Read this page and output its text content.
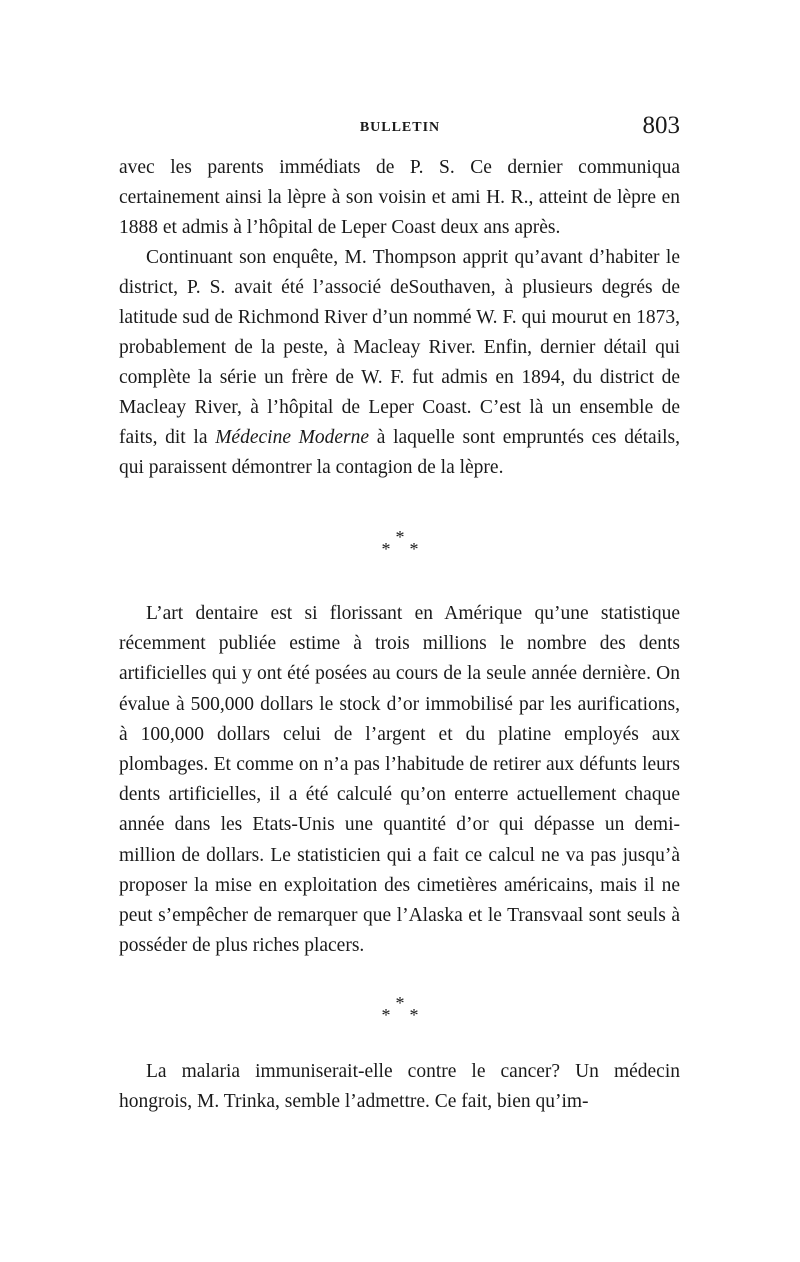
BULLETIN	803

avec les parents immédiats de P. S. Ce dernier communiqua certainement ainsi la lèpre à son voisin et ami H. R., atteint de lèpre en 1888 et admis à l’hôpital de Leper Coast deux ans après.

Continuant son enquête, M. Thompson apprit qu’avant d’habiter le district, P. S. avait été l’associé deSouthaven, à plusieurs degrés de latitude sud de Richmond River d’un nommé W. F. qui mourut en 1873, probablement de la peste, à Macleay River. Enfin, dernier détail qui complète la série un frère de W. F. fut admis en 1894, du district de Macleay River, à l’hôpital de Leper Coast. C’est là un ensemble de faits, dit la Médecine Moderne à laquelle sont empruntés ces détails, qui paraissent démontrer la contagion de la lèpre.

*
* *

L’art dentaire est si florissant en Amérique qu’une statistique récemment publiée estime à trois millions le nombre des dents artificielles qui y ont été posées au cours de la seule année dernière. On évalue à 500,000 dollars le stock d’or immobilisé par les aurifications, à 100,000 dollars celui de l’argent et du platine employés aux plombages. Et comme on n’a pas l’habitude de retirer aux défunts leurs dents artificielles, il a été calculé qu’on enterre actuellement chaque année dans les Etats-Unis une quantité d’or qui dépasse un demi-million de dollars. Le statisticien qui a fait ce calcul ne va pas jusqu’à proposer la mise en exploitation des cimetières américains, mais il ne peut s’empêcher de remarquer que l’Alaska et le Transvaal sont seuls à posséder de plus riches placers.

*
* *

La malaria immuniserait-elle contre le cancer? Un médecin hongrois, M. Trinka, semble l’admettre. Ce fait, bien qu’im-
